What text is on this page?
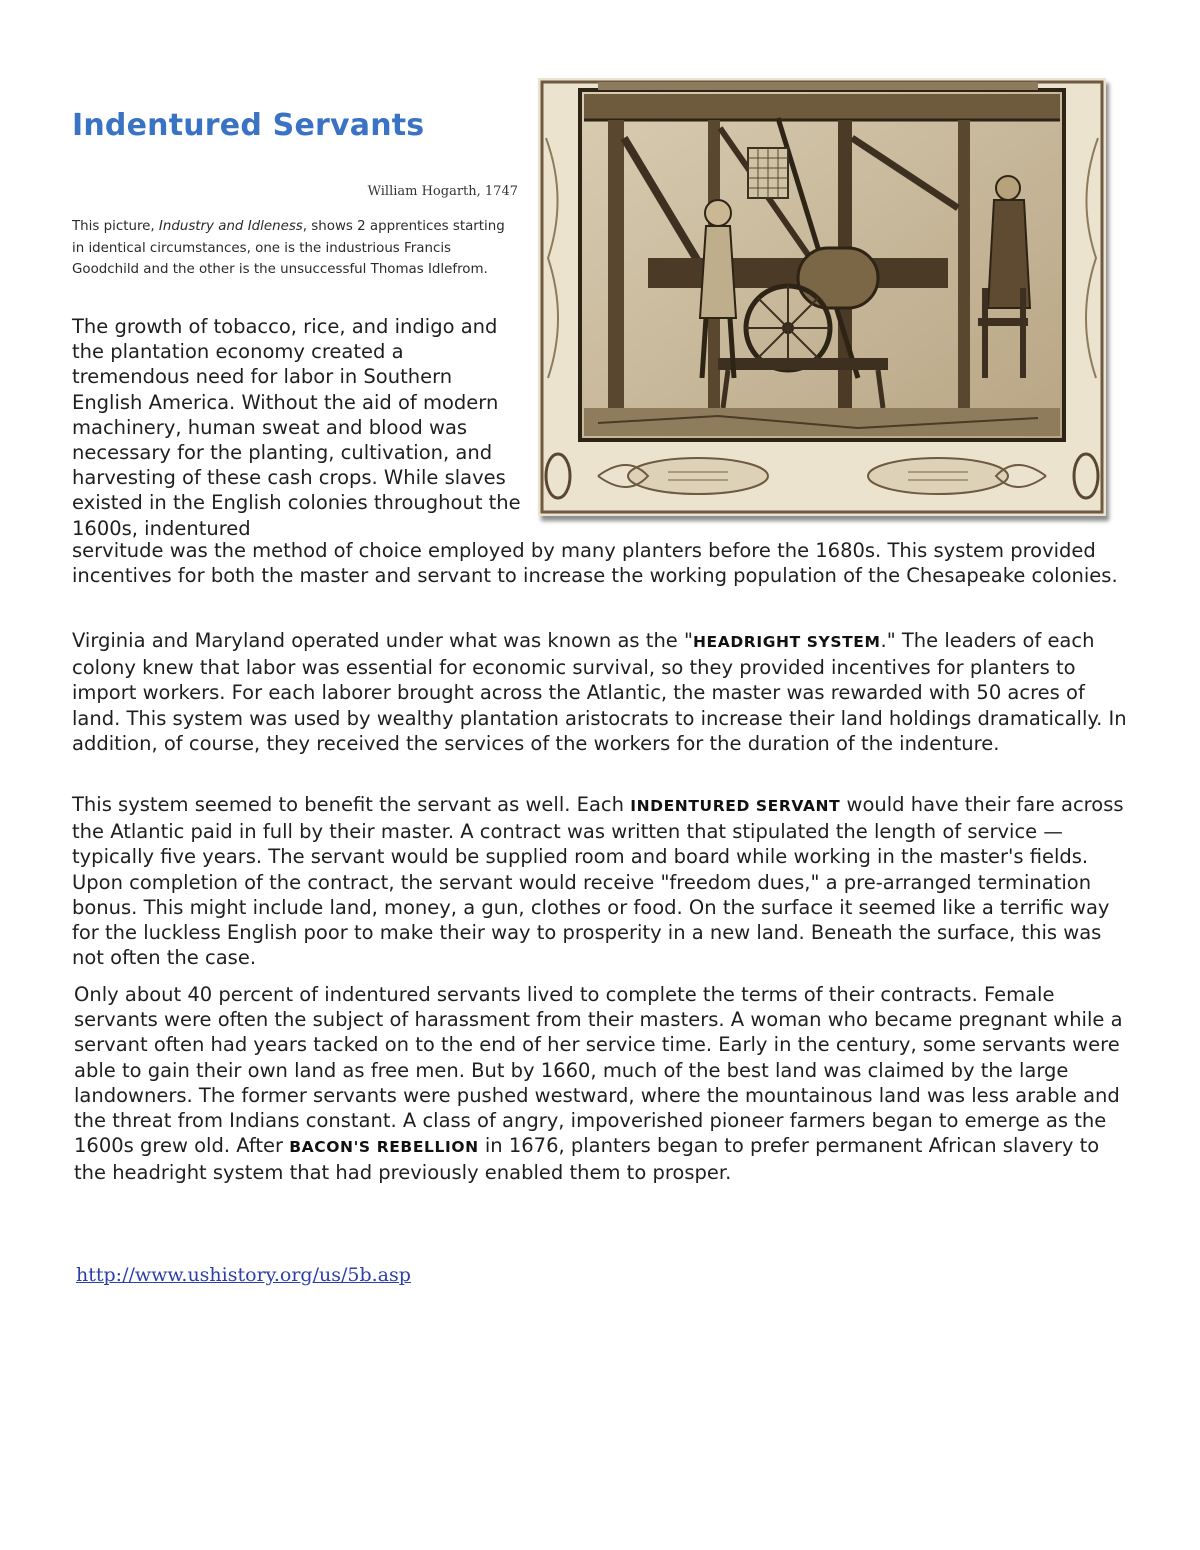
Indentured Servants
William Hogarth, 1747

This picture, Industry and Idleness, shows 2 apprentices starting in identical circumstances, one is the industrious Francis Goodchild and the other is the unsuccessful Thomas Idlefrom.

The growth of tobacco, rice, and indigo and the plantation economy created a tremendous need for labor in Southern English America. Without the aid of modern machinery, human sweat and blood was necessary for the planting, cultivation, and harvesting of these cash crops. While slaves existed in the English colonies throughout the 1600s, indentured

servitude was the method of choice employed by many planters before the 1680s. This system provided incentives for both the master and servant to increase the working population of the Chesapeake colonies.

Virginia and Maryland operated under what was known as the "HEADRIGHT SYSTEM." The leaders of each colony knew that labor was essential for economic survival, so they provided incentives for planters to import workers. For each laborer brought across the Atlantic, the master was rewarded with 50 acres of land. This system was used by wealthy plantation aristocrats to increase their land holdings dramatically. In addition, of course, they received the services of the workers for the duration of the indenture.

This system seemed to benefit the servant as well. Each INDENTURED SERVANT would have their fare across the Atlantic paid in full by their master. A contract was written that stipulated the length of service — typically five years. The servant would be supplied room and board while working in the master's fields. Upon completion of the contract, the servant would receive "freedom dues," a pre-arranged termination bonus. This might include land, money, a gun, clothes or food. On the surface it seemed like a terrific way for the luckless English poor to make their way to prosperity in a new land. Beneath the surface, this was not often the case.

Only about 40 percent of indentured servants lived to complete the terms of their contracts. Female servants were often the subject of harassment from their masters. A woman who became pregnant while a servant often had years tacked on to the end of her service time. Early in the century, some servants were able to gain their own land as free men. But by 1660, much of the best land was claimed by the large landowners. The former servants were pushed westward, where the mountainous land was less arable and the threat from Indians constant. A class of angry, impoverished pioneer farmers began to emerge as the 1600s grew old. After BACON'S REBELLION in 1676, planters began to prefer permanent African slavery to the headright system that had previously enabled them to prosper.

http://www.ushistory.org/us/5b.asp
